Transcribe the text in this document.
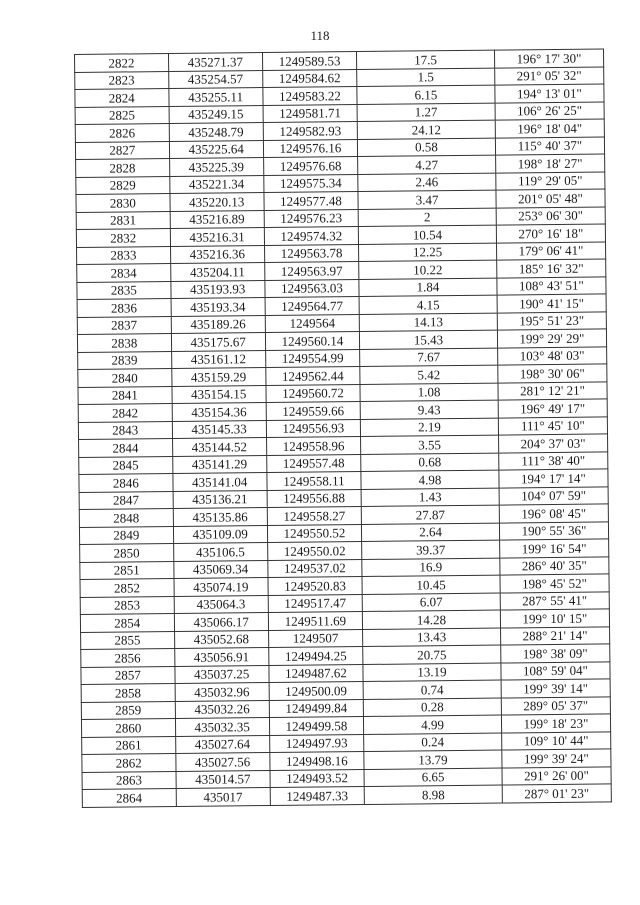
118
2822	435271.37	1249589.53	17.5	196° 17' 30"
2823	435254.57	1249584.62	1.5	291° 05' 32"
2824	435255.11	1249583.22	6.15	194° 13' 01"
2825	435249.15	1249581.71	1.27	106° 26' 25"
2826	435248.79	1249582.93	24.12	196° 18' 04"
2827	435225.64	1249576.16	0.58	115° 40' 37"
2828	435225.39	1249576.68	4.27	198° 18' 27"
2829	435221.34	1249575.34	2.46	119° 29' 05"
2830	435220.13	1249577.48	3.47	201° 05' 48"
2831	435216.89	1249576.23	2	253° 06' 30"
2832	435216.31	1249574.32	10.54	270° 16' 18"
2833	435216.36	1249563.78	12.25	179° 06' 41"
2834	435204.11	1249563.97	10.22	185° 16' 32"
2835	435193.93	1249563.03	1.84	108° 43' 51"
2836	435193.34	1249564.77	4.15	190° 41' 15"
2837	435189.26	1249564	14.13	195° 51' 23"
2838	435175.67	1249560.14	15.43	199° 29' 29"
2839	435161.12	1249554.99	7.67	103° 48' 03"
2840	435159.29	1249562.44	5.42	198° 30' 06"
2841	435154.15	1249560.72	1.08	281° 12' 21"
2842	435154.36	1249559.66	9.43	196° 49' 17"
2843	435145.33	1249556.93	2.19	111° 45' 10"
2844	435144.52	1249558.96	3.55	204° 37' 03"
2845	435141.29	1249557.48	0.68	111° 38' 40"
2846	435141.04	1249558.11	4.98	194° 17' 14"
2847	435136.21	1249556.88	1.43	104° 07' 59"
2848	435135.86	1249558.27	27.87	196° 08' 45"
2849	435109.09	1249550.52	2.64	190° 55' 36"
2850	435106.5	1249550.02	39.37	199° 16' 54"
2851	435069.34	1249537.02	16.9	286° 40' 35"
2852	435074.19	1249520.83	10.45	198° 45' 52"
2853	435064.3	1249517.47	6.07	287° 55' 41"
2854	435066.17	1249511.69	14.28	199° 10' 15"
2855	435052.68	1249507	13.43	288° 21' 14"
2856	435056.91	1249494.25	20.75	198° 38' 09"
2857	435037.25	1249487.62	13.19	108° 59' 04"
2858	435032.96	1249500.09	0.74	199° 39' 14"
2859	435032.26	1249499.84	0.28	289° 05' 37"
2860	435032.35	1249499.58	4.99	199° 18' 23"
2861	435027.64	1249497.93	0.24	109° 10' 44"
2862	435027.56	1249498.16	13.79	199° 39' 24"
2863	435014.57	1249493.52	6.65	291° 26' 00"
2864	435017	1249487.33	8.98	287° 01' 23"
